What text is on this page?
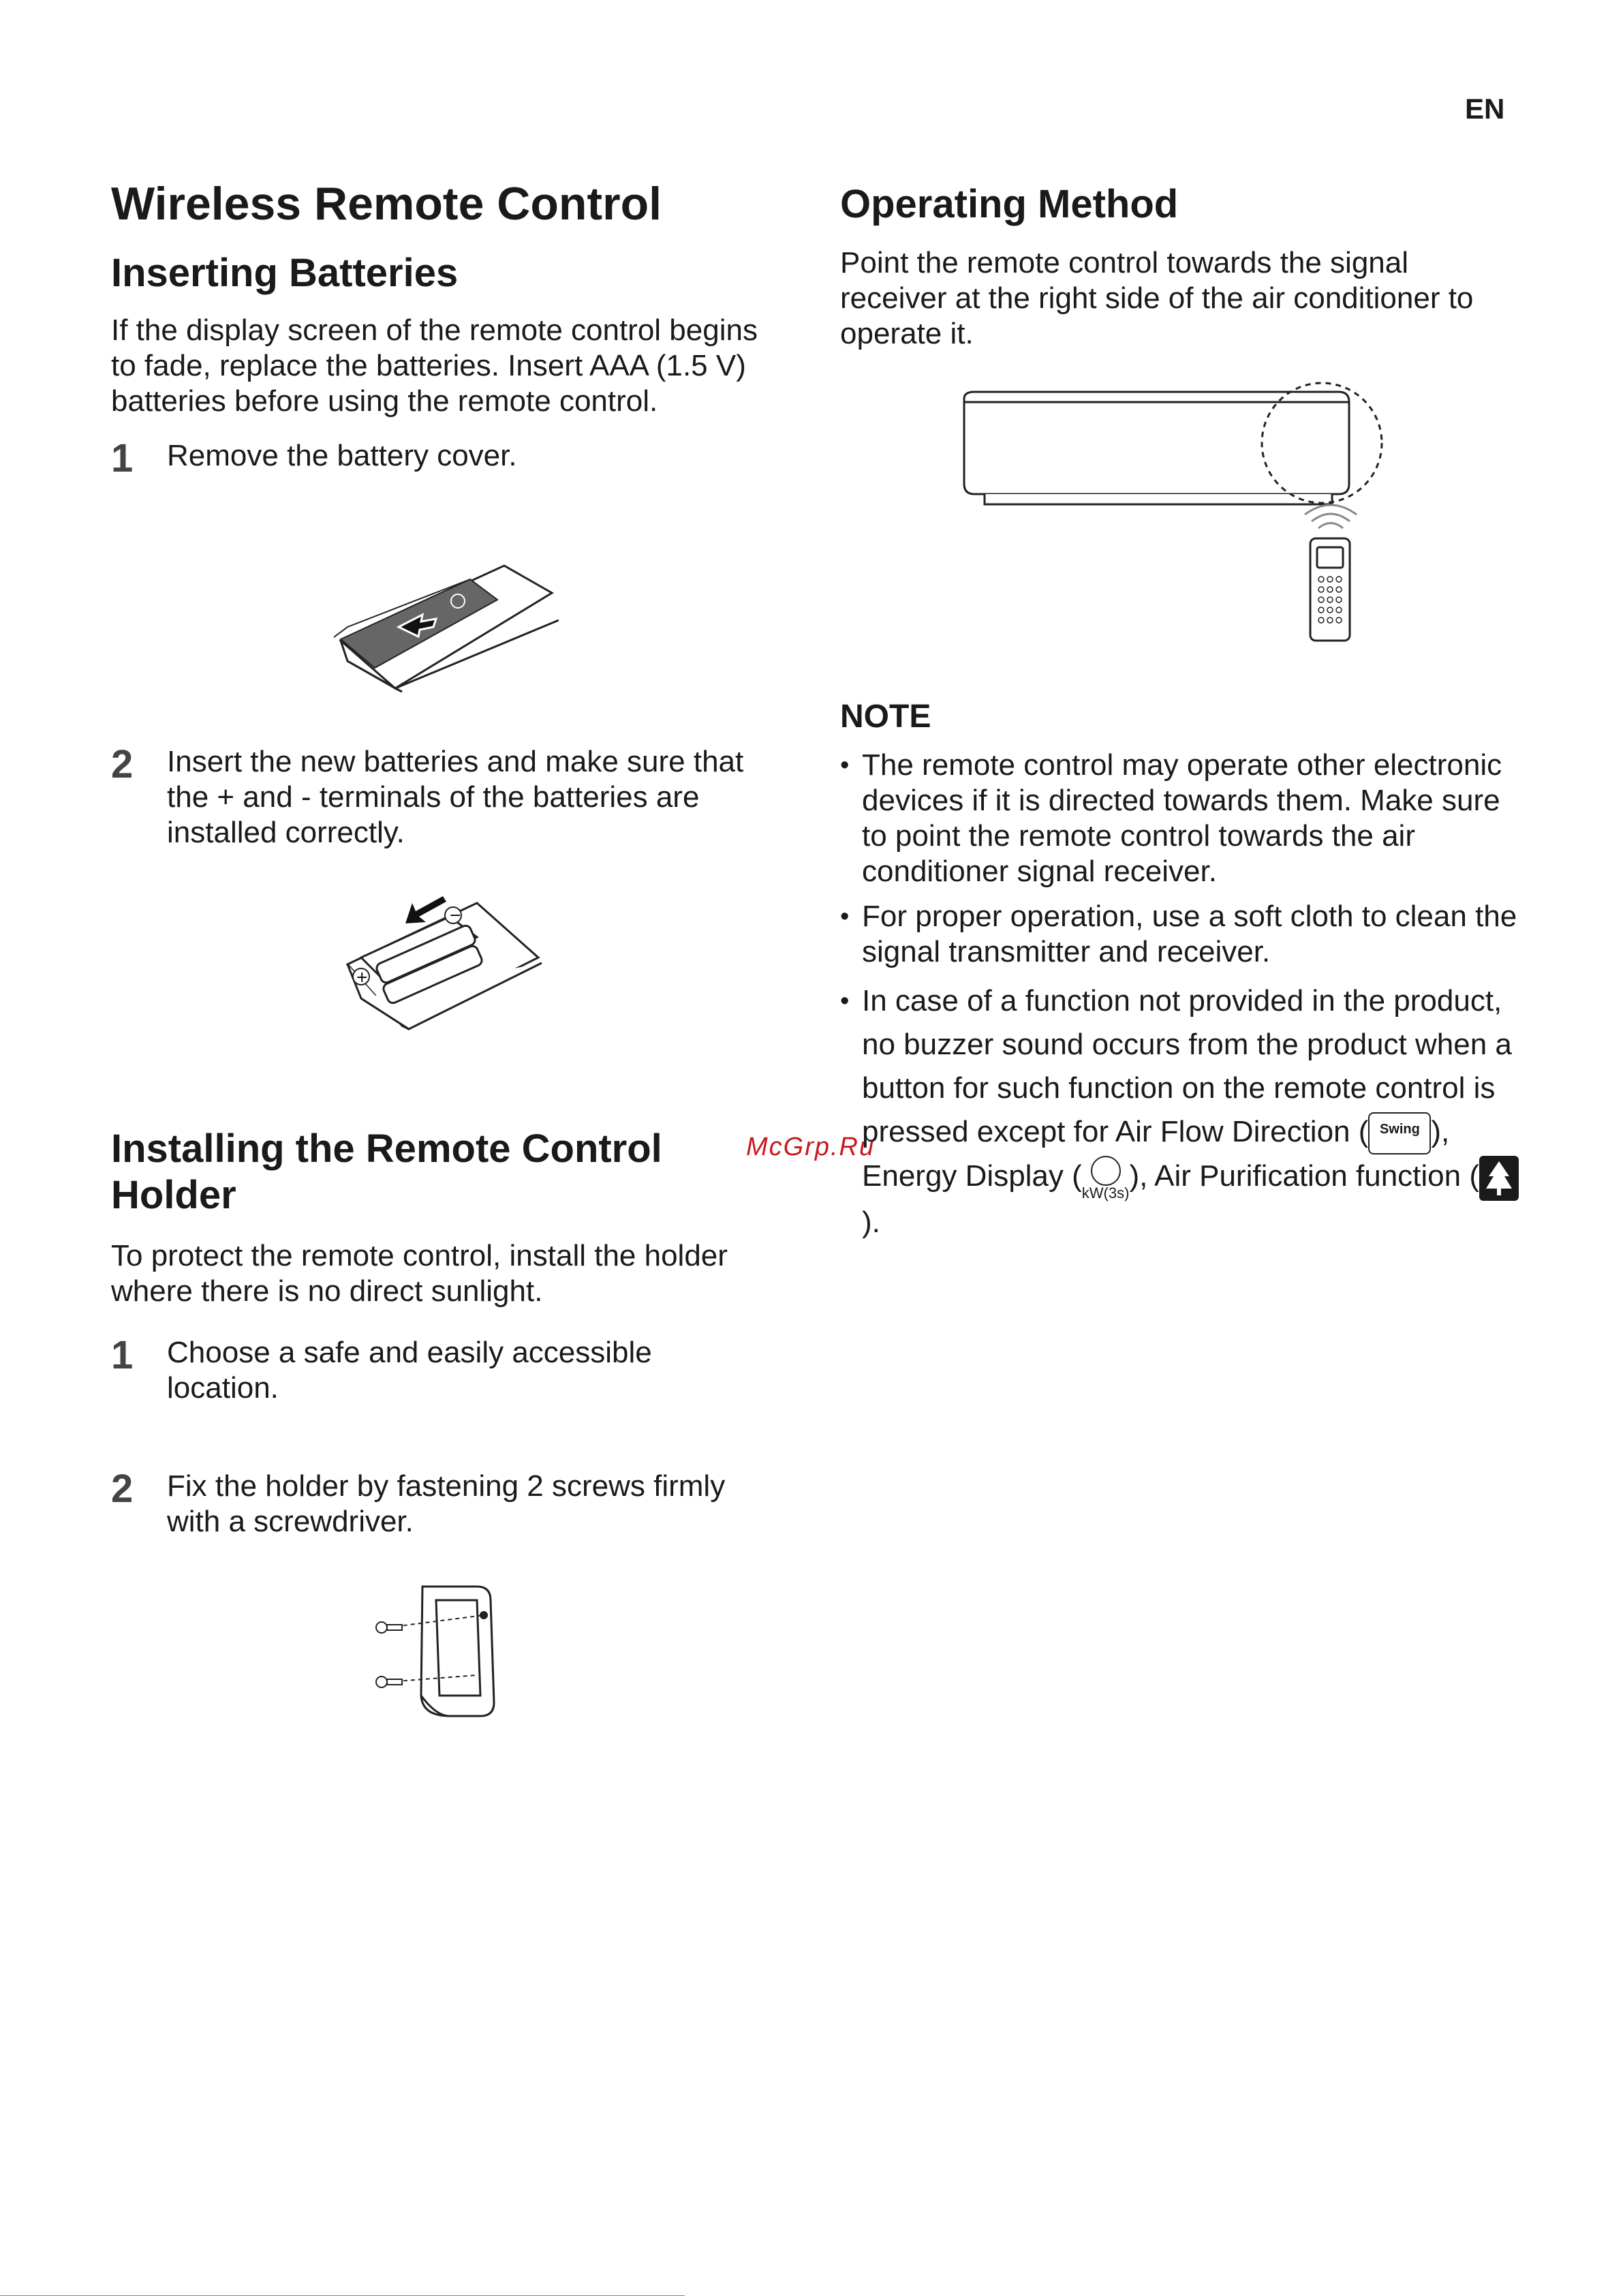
EN
Wireless Remote Control
Inserting Batteries

If the display screen of the remote control begins to fade, replace the batteries. Insert AAA (1.5 V) batteries before using the remote control.

1	Remove the battery cover.
2	Insert the new batteries and make sure that the + and - terminals of the batteries are installed correctly.
+
−
Installing the Remote Control Holder

To protect the remote control, install the holder where there is no direct sunlight.

1	Choose a safe and easily accessible location.
2	Fix the holder by fastening 2 screws firmly with a screwdriver.
Operating Method

Point the remote control towards the signal receiver at the right side of the air conditioner to operate it.

NOTE
• The remote control may operate other electronic devices if it is directed towards them. Make sure to point the remote control towards the air conditioner signal receiver.
• For proper operation, use a soft cloth to clean the signal transmitter and receiver.
• In case of a function not provided in the product, no buzzer sound occurs from the product when a button for such function on the remote control is pressed except for Air Flow Direction ( Swing ), Energy Display ( kW(3s) ), Air Purification function ().
McGrp.Ru
